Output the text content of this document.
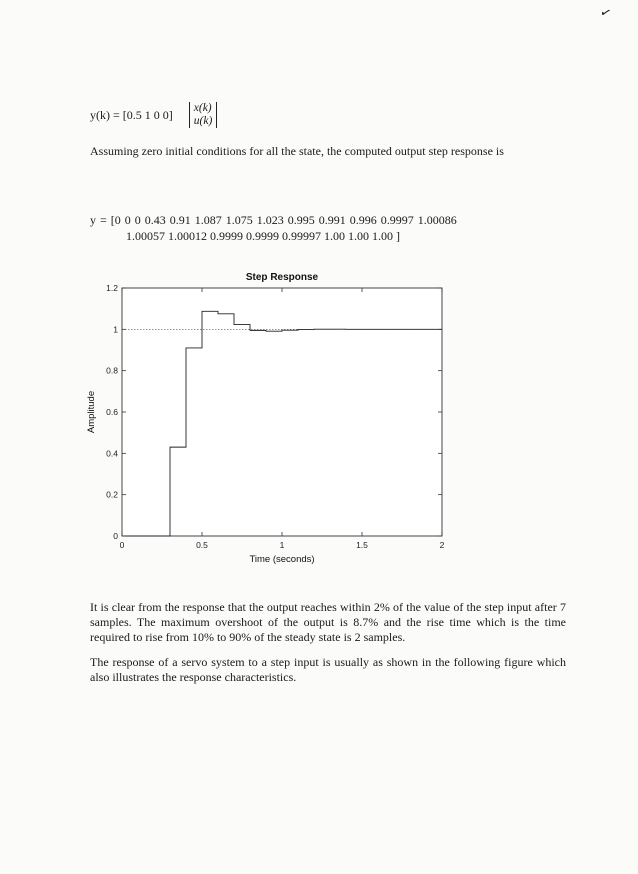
✓
y(k) = [0.5 1 0 0] x(k)
u(k)
Assuming zero initial conditions for all the state, the computed output step response is
y = [0 0 0 0.43 0.91 1.087 1.075 1.023 0.995 0.991 0.996 0.9997 1.00086
1.00057 1.00012 0.9999 0.9999 0.99997 1.00 1.00 1.00 ]
0	0.5	1	1.5	2
0
0.2
0.4
0.6
0.8
1
1.2
Step Response
Time (seconds)
Amplitude
It is clear from the response that the output reaches within 2% of the value of the step input after 7 samples. The maximum overshoot of the output is 8.7% and the rise time which is the time required to rise from 10% to 90% of the steady state is 2 samples.
The response of a servo system to a step input is usually as shown in the following figure which also illustrates the response characteristics.
